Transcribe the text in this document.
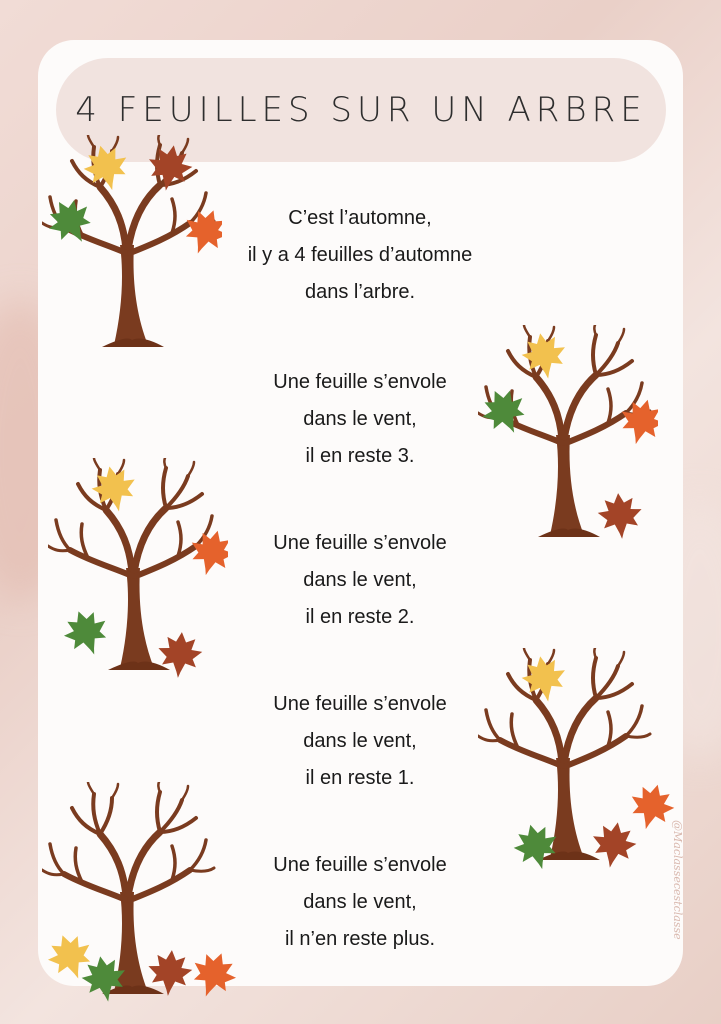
4 FEUILLES SUR UN ARBRE
C’est l’automne,
il y a 4 feuilles d’automne
dans l’arbre.
Une feuille s’envole
dans le vent,
il en reste 3.
Une feuille s’envole
dans le vent,
il en reste 2.
Une feuille s’envole
dans le vent,
il en reste 1.
Une feuille s’envole
dans le vent,
il n’en reste plus.	@Maclassecestclasse
